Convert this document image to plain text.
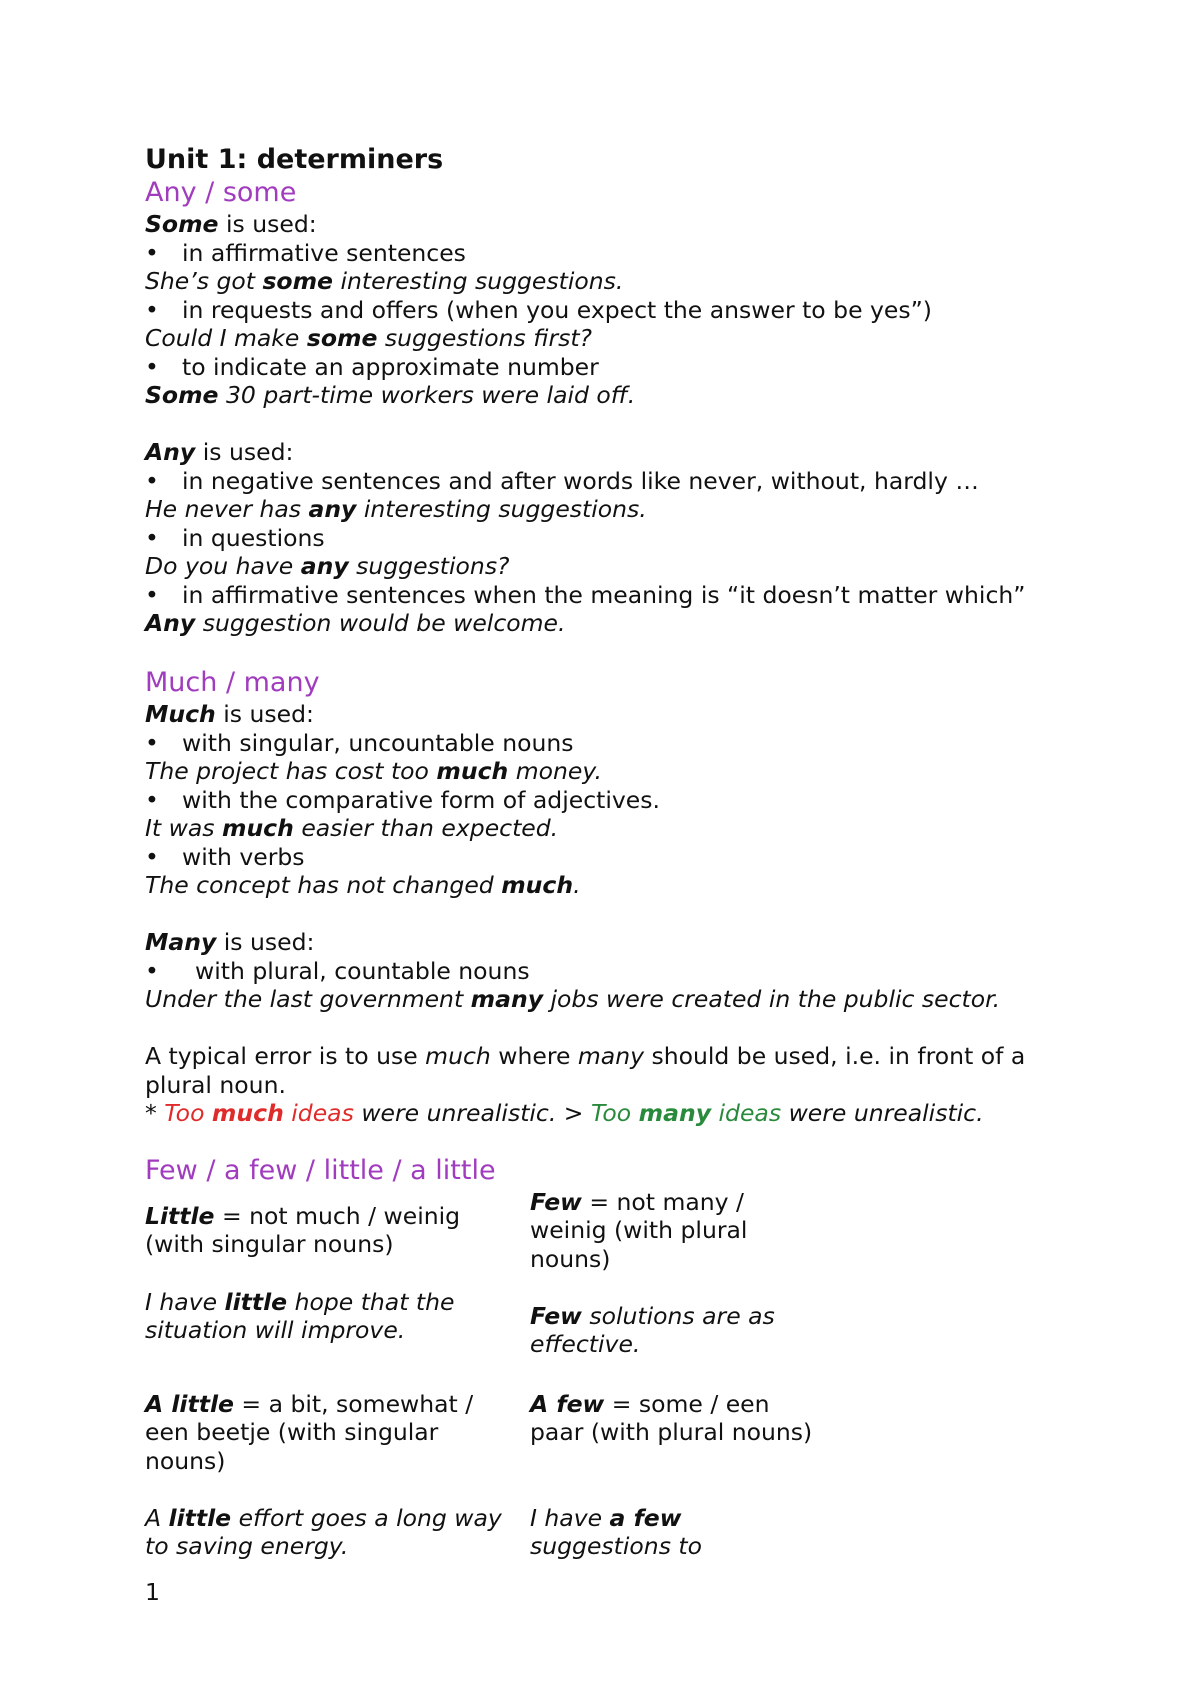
Unit 1: determiners
Any / some
Some is used:
• in affirmative sentences
She’s got some interesting suggestions.
• in requests and offers (when you expect the answer to be yes”)
Could I make some suggestions first?
• to indicate an approximate number
Some 30 part-time workers were laid off.
Any is used:
• in negative sentences and after words like never, without, hardly …
He never has any interesting suggestions.
• in questions
Do you have any suggestions?
• in affirmative sentences when the meaning is “it doesn’t matter which”
Any suggestion would be welcome.
Much / many
Much is used:
• with singular, uncountable nouns
The project has cost too much money.
• with the comparative form of adjectives.
It was much easier than expected.
• with verbs
The concept has not changed much.
Many is used:
• with plural, countable nouns
Under the last government many jobs were created in the public sector.
A typical error is to use much where many should be used, i.e. in front of a plural noun.
* Too much ideas were unrealistic. > Too many ideas were unrealistic.
Few / a few / little / a little
Little = not much / weinig (with singular nouns)
Few = not many / weinig (with plural nouns)
I have little hope that the situation will improve.
Few solutions are as effective.
A little = a bit, somewhat / een beetje (with singular nouns)
A few = some / een paar (with plural nouns)
A little effort goes a long way to saving energy.
I have a few suggestions to
1
